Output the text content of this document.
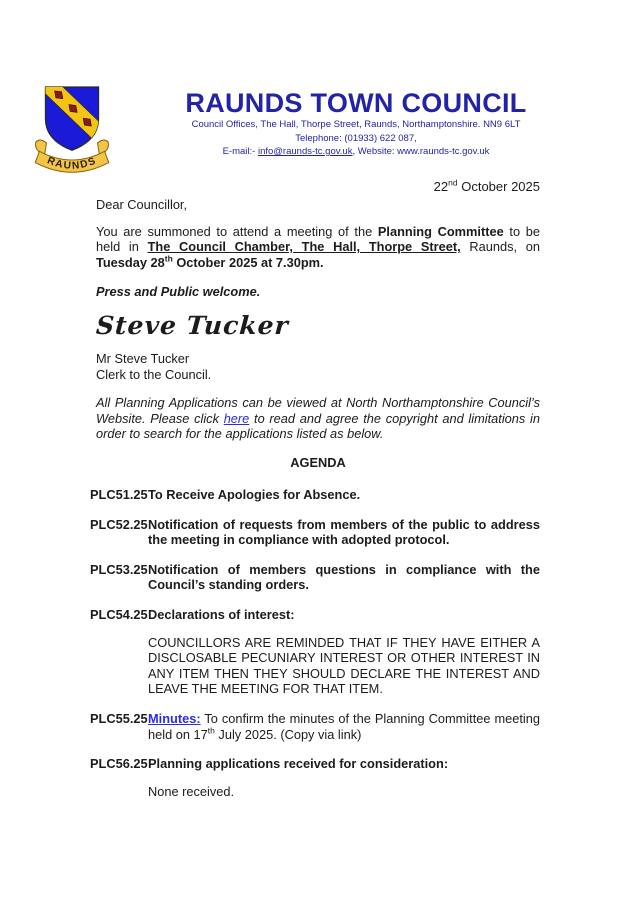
RAUNDS
RAUNDS TOWN COUNCIL
Council Offices, The Hall, Thorpe Street, Raunds, Northamptonshire. NN9 6LT
Telephone: (01933) 622 087,
E-mail:- info@raunds-tc.gov.uk, Website: www.raunds-tc.gov.uk
22nd October 2025

Dear Councillor,

You are summoned to attend a meeting of the Planning Committee to be held in The Council Chamber, The Hall, Thorpe Street, Raunds, on Tuesday 28th October 2025 at 7.30pm.

Press and Public welcome.

Steve Tucker

Mr Steve Tucker
Clerk to the Council.

All Planning Applications can be viewed at North Northamptonshire Council’s Website. Please click here to read and agree the copyright and limitations in order to search for the applications listed as below.

AGENDA
PLC51.25 To Receive Apologies for Absence.
PLC52.25 Notification of requests from members of the public to address the meeting in compliance with adopted protocol.
PLC53.25 Notification of members questions in compliance with the Council’s standing orders.
PLC54.25 Declarations of interest:
COUNCILLORS ARE REMINDED THAT IF THEY HAVE EITHER A DISCLOSABLE PECUNIARY INTEREST OR OTHER INTEREST IN ANY ITEM THEN THEY SHOULD DECLARE THE INTEREST AND LEAVE THE MEETING FOR THAT ITEM.
PLC55.25 Minutes: To confirm the minutes of the Planning Committee meeting held on 17th July 2025. (Copy via link)
PLC56.25 Planning applications received for consideration:
None received.
